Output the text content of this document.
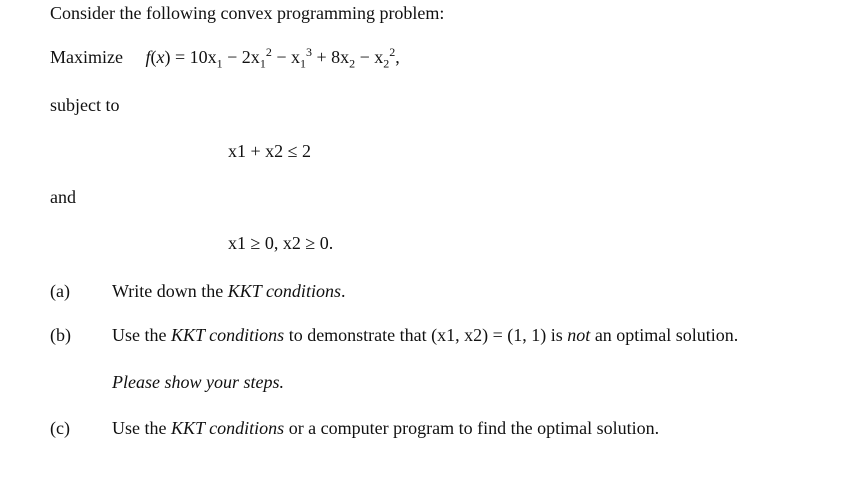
Consider the following convex programming problem:
Maximize $f(x) = 10x_1 - 2x_1^2 - x_1^3 + 8x_2 - x_2^2$,
subject to
x1 + x2 ≤ 2
and
x1 ≥ 0, x2 ≥ 0.
(a) Write down the KKT conditions.
(b) Use the KKT conditions to demonstrate that (x1, x2) = (1, 1) is not an optimal solution.
Please show your steps.
(c) Use the KKT conditions or a computer program to find the optimal solution.
